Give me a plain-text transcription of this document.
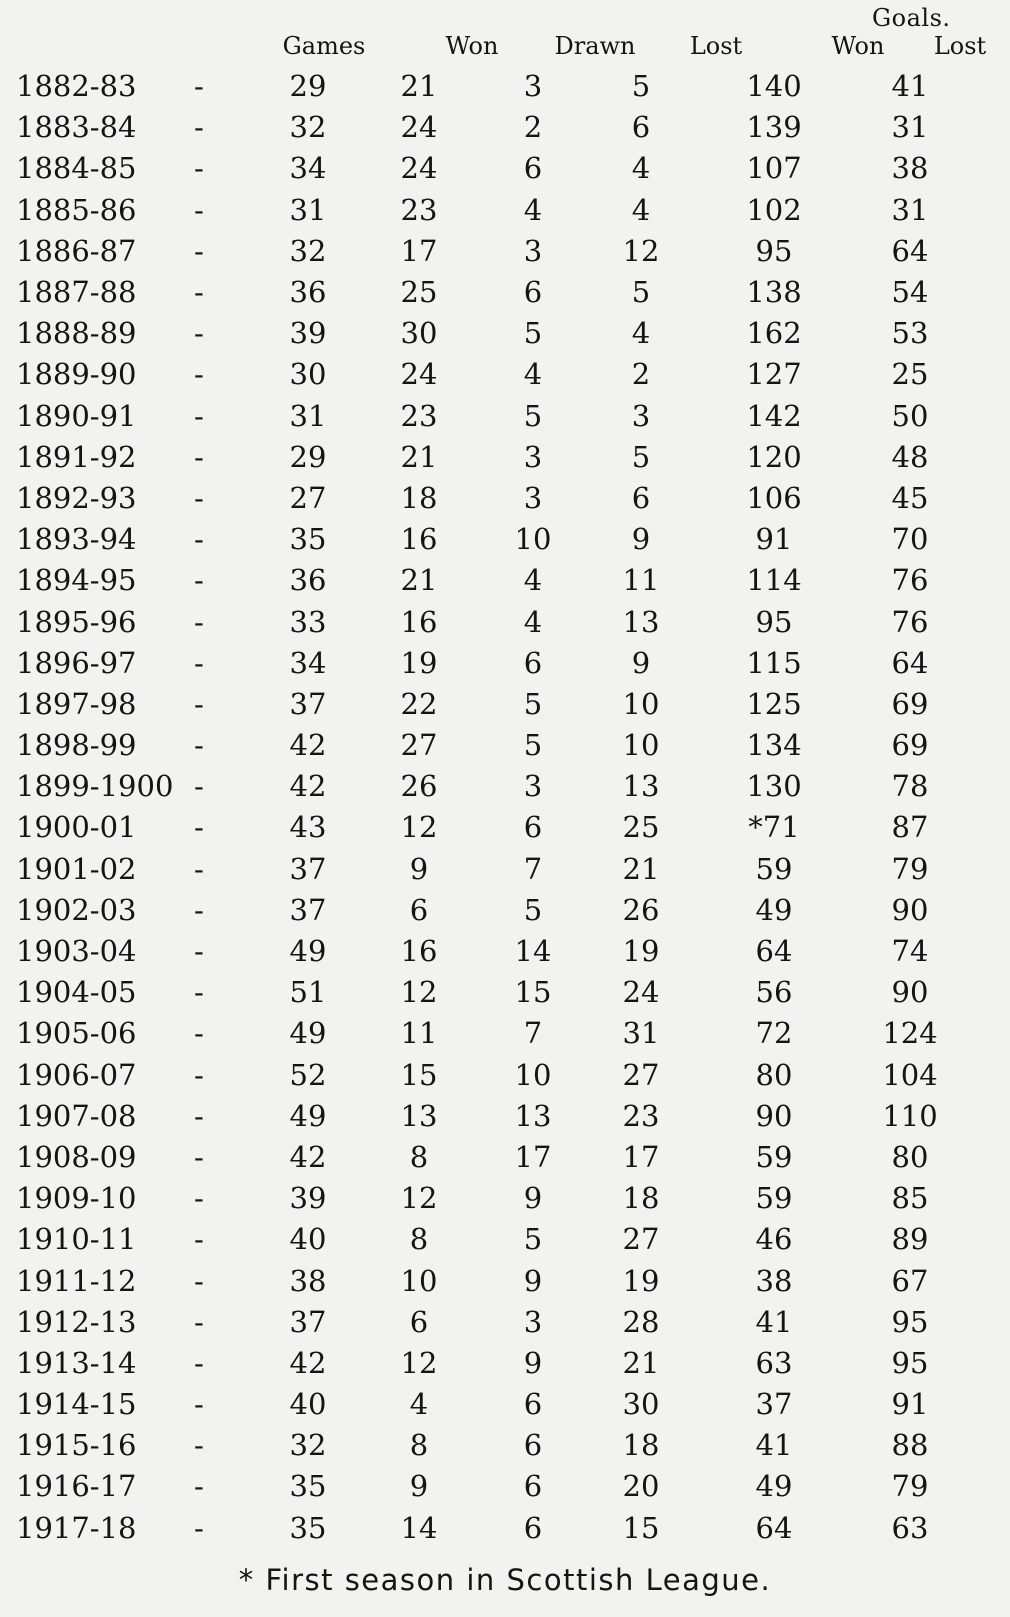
Goals.
Games	Won	Drawn	Lost	Won	Lost
1882-83	-	29	21	3	5	140	41
1883-84	-	32	24	2	6	139	31
1884-85	-	34	24	6	4	107	38
1885-86	-	31	23	4	4	102	31
1886-87	-	32	17	3	12	95	64
1887-88	-	36	25	6	5	138	54
1888-89	-	39	30	5	4	162	53
1889-90	-	30	24	4	2	127	25
1890-91	-	31	23	5	3	142	50
1891-92	-	29	21	3	5	120	48
1892-93	-	27	18	3	6	106	45
1893-94	-	35	16	10	9	91	70
1894-95	-	36	21	4	11	114	76
1895-96	-	33	16	4	13	95	76
1896-97	-	34	19	6	9	115	64
1897-98	-	37	22	5	10	125	69
1898-99	-	42	27	5	10	134	69
1899-1900	-	42	26	3	13	130	78
1900-01	-	43	12	6	25	*71	87
1901-02	-	37	9	7	21	59	79
1902-03	-	37	6	5	26	49	90
1903-04	-	49	16	14	19	64	74
1904-05	-	51	12	15	24	56	90
1905-06	-	49	11	7	31	72	124
1906-07	-	52	15	10	27	80	104
1907-08	-	49	13	13	23	90	110
1908-09	-	42	8	17	17	59	80
1909-10	-	39	12	9	18	59	85
1910-11	-	40	8	5	27	46	89
1911-12	-	38	10	9	19	38	67
1912-13	-	37	6	3	28	41	95
1913-14	-	42	12	9	21	63	95
1914-15	-	40	4	6	30	37	91
1915-16	-	32	8	6	18	41	88
1916-17	-	35	9	6	20	49	79
1917-18	-	35	14	6	15	64	63
* First season in Scottish League.
